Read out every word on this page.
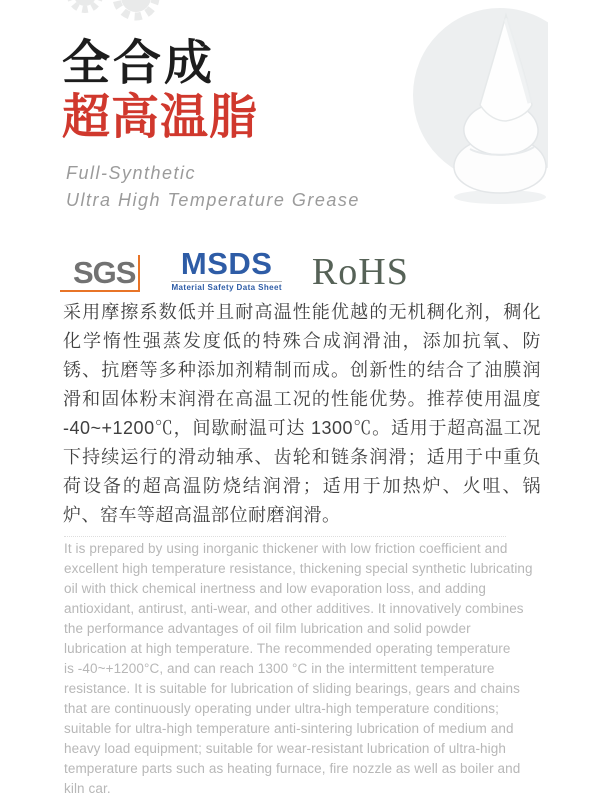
全合成
超高温脂
Full-Synthetic
Ultra High Temperature Grease
SGS MSDS
Material Safety Data Sheet RoHS
采用摩擦系数低并且耐高温性能优越的无机稠化剂，稠化化学惰性强蒸发度低的特殊合成润滑油，添加抗氧、防锈、抗磨等多种添加剂精制而成。创新性的结合了油膜润滑和固体粉末润滑在高温工况的性能优势。推荐使用温度 -40~+1200℃，间歇耐温可达 1300℃。适用于超高温工况下持续运行的滑动轴承、齿轮和链条润滑；适用于中重负荷设备的超高温防烧结润滑；适用于加热炉、火咀、锅炉、窑车等超高温部位耐磨润滑。
It is prepared by using inorganic thickener with low friction coefficient and
excellent high temperature resistance, thickening special synthetic lubricating
oil with thick chemical inertness and low evaporation loss, and adding
antioxidant, antirust, anti-wear, and other additives. It innovatively combines
the performance advantages of oil film lubrication and solid powder
lubrication at high temperature. The recommended operating temperature
is -40~+1200°C, and can reach 1300 °C in the intermittent temperature
resistance. It is suitable for lubrication of sliding bearings, gears and chains
that are continuously operating under ultra-high temperature conditions;
suitable for ultra-high temperature anti-sintering lubrication of medium and
heavy load equipment; suitable for wear-resistant lubrication of ultra-high
temperature parts such as heating furnace, fire nozzle as well as boiler and
kiln car.
